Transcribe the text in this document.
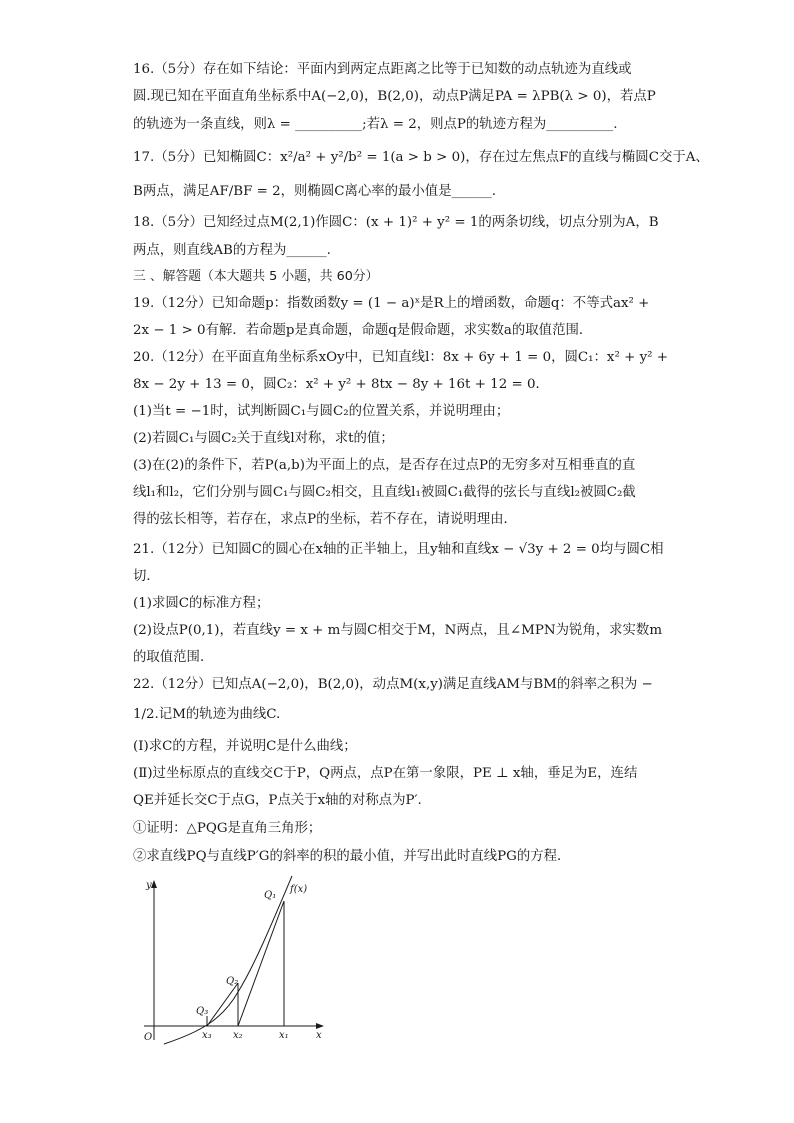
16.（5分）存在如下结论：平面内到两定点距离之比等于已知数的动点轨迹为直线或
圆.现已知在平面直角坐标系中A(−2,0)，B(2,0)，动点P满足PA = λPB(λ > 0)，若点P
的轨迹为一条直线，则λ = __________;若λ = 2，则点P的轨迹方程为__________.
17.（5分）已知椭圆C：x²/a² + y²/b² = 1(a > b > 0)，存在过左焦点F的直线与椭圆C交于A、
B两点，满足AF/BF = 2，则椭圆C离心率的最小值是______.
18.（5分）已知经过点M(2,1)作圆C：(x + 1)² + y² = 1的两条切线，切点分别为A，B
两点，则直线AB的方程为______.
三 、解答题（本大题共 5 小题，共 60分）
19.（12分）已知命题p：指数函数y = (1 − a)ˣ是R上的增函数，命题q：不等式ax² +
2x − 1 > 0有解．若命题p是真命题，命题q是假命题，求实数a的取值范围．
20.（12分）在平面直角坐标系xOy中，已知直线l：8x + 6y + 1 = 0，圆C₁：x² + y² +
8x − 2y + 13 = 0，圆C₂：x² + y² + 8tx − 8y + 16t + 12 = 0．
(1)当t = −1时，试判断圆C₁与圆C₂的位置关系，并说明理由；
(2)若圆C₁与圆C₂关于直线l对称，求t的值；
(3)在(2)的条件下，若P(a,b)为平面上的点，是否存在过点P的无穷多对互相垂直的直
线l₁和l₂，它们分别与圆C₁与圆C₂相交，且直线l₁被圆C₁截得的弦长与直线l₂被圆C₂截
得的弦长相等，若存在，求点P的坐标，若不存在，请说明理由．
21.（12分）已知圆C的圆心在x轴的正半轴上，且y轴和直线x − √3y + 2 = 0均与圆C相
切．
(1)求圆C的标准方程；
(2)设点P(0,1)，若直线y = x + m与圆C相交于M，N两点，且∠MPN为锐角，求实数m
的取值范围．
22.（12分）已知点A(−2,0)，B(2,0)，动点M(x,y)满足直线AM与BM的斜率之积为 −
1/2.记M的轨迹为曲线C.
(Ⅰ)求C的方程，并说明C是什么曲线；
(Ⅱ)过坐标原点的直线交C于P，Q两点，点P在第一象限，PE ⊥ x轴，垂足为E，连结
QE并延长交C于点G，P点关于x轴的对称点为P′.
①证明：△PQG是直角三角形；
②求直线PQ与直线P′G的斜率的积的最小值，并写出此时直线PG的方程．
y	f(x)
Q₁
Q₂
Q₃
O	x₃ x₂	x₁	x
